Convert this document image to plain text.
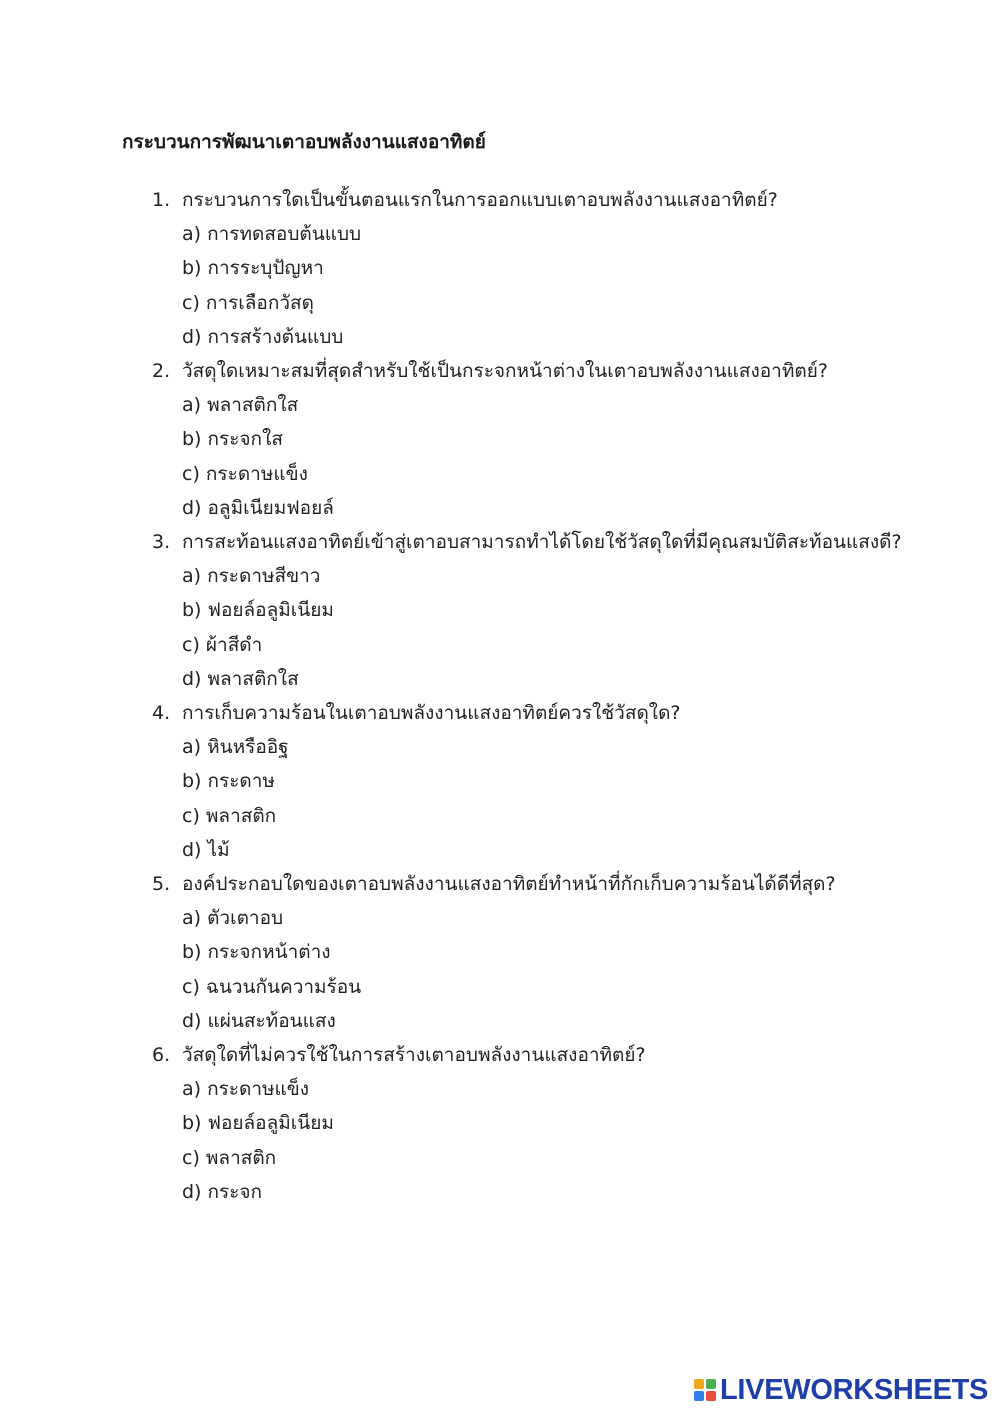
กระบวนการพัฒนาเตาอบพลังงานแสงอาทิตย์
1. กระบวนการใดเป็นขั้นตอนแรกในการออกแบบเตาอบพลังงานแสงอาทิตย์?
a) การทดสอบต้นแบบ
b) การระบุปัญหา
c) การเลือกวัสดุ
d) การสร้างต้นแบบ
2. วัสดุใดเหมาะสมที่สุดสำหรับใช้เป็นกระจกหน้าต่างในเตาอบพลังงานแสงอาทิตย์?
a) พลาสติกใส
b) กระจกใส
c) กระดาษแข็ง
d) อลูมิเนียมฟอยล์
3. การสะท้อนแสงอาทิตย์เข้าสู่เตาอบสามารถทำได้โดยใช้วัสดุใดที่มีคุณสมบัติสะท้อนแสงดี?
a) กระดาษสีขาว
b) ฟอยล์อลูมิเนียม
c) ผ้าสีดำ
d) พลาสติกใส
4. การเก็บความร้อนในเตาอบพลังงานแสงอาทิตย์ควรใช้วัสดุใด?
a) หินหรืออิฐ
b) กระดาษ
c) พลาสติก
d) ไม้
5. องค์ประกอบใดของเตาอบพลังงานแสงอาทิตย์ทำหน้าที่กักเก็บความร้อนได้ดีที่สุด?
a) ตัวเตาอบ
b) กระจกหน้าต่าง
c) ฉนวนกันความร้อน
d) แผ่นสะท้อนแสง
6. วัสดุใดที่ไม่ควรใช้ในการสร้างเตาอบพลังงานแสงอาทิตย์?
a) กระดาษแข็ง
b) ฟอยล์อลูมิเนียม
c) พลาสติก
d) กระจก
LIVEWORKSHEETS
